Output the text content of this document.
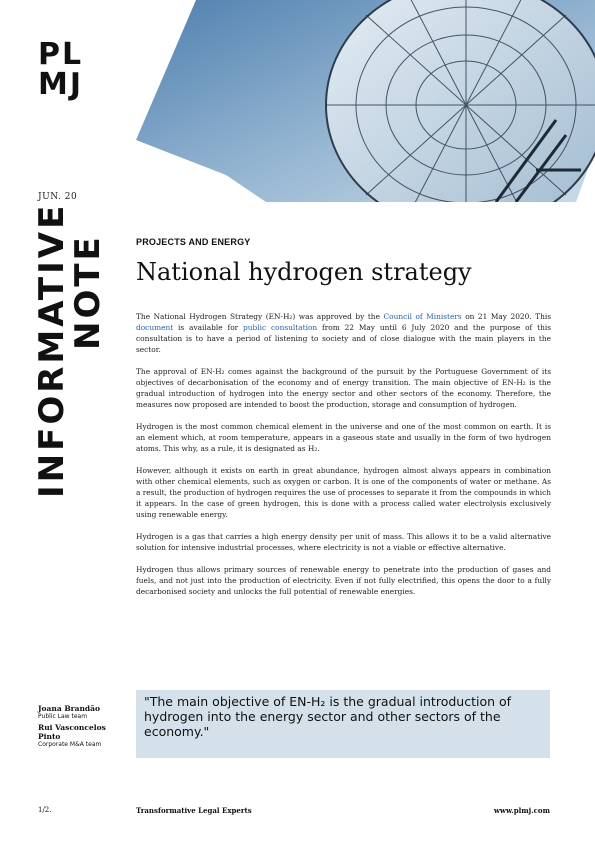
PL
MJ
JUN. 20
INFORMATIVE
NOTE	PROJECTS AND ENERGY
National hydrogen strategy

The National Hydrogen Strategy (EN-H₂) was approved by the Council of Ministers on 21 May 2020. This document is available for public consultation from 22 May until 6 July 2020 and the purpose of this consultation is to have a period of listening to society and of close dialogue with the main players in the sector.

The approval of EN-H₂ comes against the background of the pursuit by the Portuguese Government of its objectives of decarbonisation of the economy and of energy transition. The main objective of EN-H₂ is the gradual introduction of hydrogen into the energy sector and other sectors of the economy. Therefore, the measures now proposed are intended to boost the production, storage and consumption of hydrogen.

Hydrogen is the most common chemical element in the universe and one of the most common on earth. It is an element which, at room temperature, appears in a gaseous state and usually in the form of two hydrogen atoms. This why, as a rule, it is designated as H₂.

However, although it exists on earth in great abundance, hydrogen almost always appears in combination with other chemical elements, such as oxygen or carbon. It is one of the components of water or methane. As a result, the production of hydrogen requires the use of processes to separate it from the compounds in which it appears. In the case of green hydrogen, this is done with a process called water electrolysis exclusively using renewable energy.

Hydrogen is a gas that carries a high energy density per unit of mass. This allows it to be a valid alternative solution for intensive industrial processes, where electricity is not a viable or effective alternative.

Hydrogen thus allows primary sources of renewable energy to penetrate into the production of gases and fuels, and not just into the production of electricity. Even if not fully electrified, this opens the door to a fully decarbonised society and unlocks the full potential of renewable energies.

Joana Brandão
Public Law team
Rui Vasconcelos Pinto
Corporate M&A team

"The main objective of EN-H₂ is the gradual introduction of hydrogen into the energy sector and other sectors of the economy."

1/2.	Transformative Legal Experts	www.plmj.com
